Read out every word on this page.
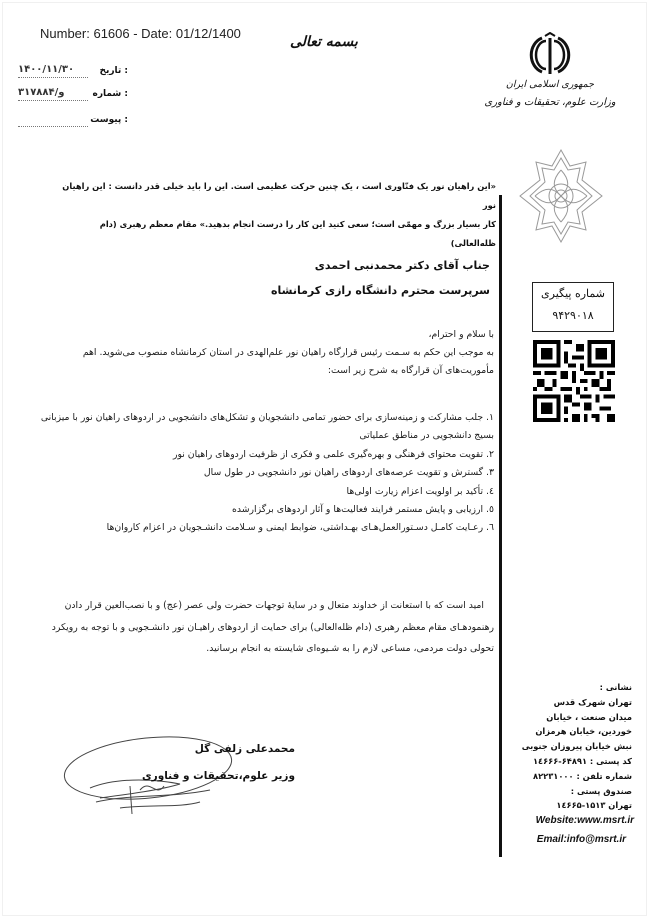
Number: 61606 - Date: 01/12/1400
بسمه تعالی
تاریخ :
۱۴۰۰/۱۱/۳۰
شماره :
۳۱۷۸۸۴/و
پیوست :
جمهوری اسلامی ایران
وزارت علوم، تحقیقات و فناوری
«این راهیان نور یک فنّاوری است ، یک چنین حرکت عظیمی است. این را باید خیلی قدر دانست : این راهیان نور
کار بسیار بزرگ و مهمّی است؛ سعی کنید این کار را درست انجام بدهید.» مقام معظم رهبری (دام ظله‌العالی)
جناب آقای دکتر محمدنبی احمدی
سرپرست محترم دانشگاه رازی کرمانشاه	شماره پیگیری
۹۴۲۹۰۱۸
با سلام و احترام،
به موجب این حکم به سـمت رئیس قرارگاه راهیان نور علم‌الهدی در استان کرمانشاه منصوب می‌شوید. اهم مأموریت‌های آن قرارگاه به شرح زیر است:
۱. جلب مشارکت و زمینه‌سازی برای حضور تمامی دانشجویان و تشکل‌های دانشجویی در اردوهای راهیان نور با میزبانی بسیج دانشجویی در مناطق عملیاتی
۲. تقویت محتوای فرهنگی و بهره‌گیری علمی و فکری از ظرفیت اردوهای راهیان نور
۳. گسترش و تقویت عرصه‌های اردوهای راهیان نور دانشجویی در طول سال
٤. تأکید بر اولویت اعزام زیارت اولی‌ها
٥. ارزیابی و پایش مستمر فرایند فعالیت‌ها و آثار اردوهای برگزارشده
٦. رعـایت کامـل دسـتورالعمل‌هـای بهـداشتی، ضوابط ایمنی و سـلامت دانشـجویان در اعزام کاروان‌ها
امید است که با استعانت از خداوند متعال و در سایۀ توجهات حضرت ولی عصر (عج) و با نصب‌العین قرار دادن رهنمودهـای مقام معظم رهبری (دام ظله‌العالی) برای حمایت از اردوهای راهیـان نور دانشـجویی و با توجه به رویکرد تحولی دولت مردمی، مساعی لازم را به شـیوه‌ای شایسته به انجام برسانید.
محمدعلی زلفی گل
وزیر علوم،تحقیقات و فناوری
نشانی :
تهران شهرک قدس
میدان صنعت ، خیابان
خوردین، خیابان هرمزان
نبش خیابان پیروزان جنوبی
کد پستی : ۶۴۸۹۱-۱٤۶۶۶
شماره تلفن : ۸۲۲۳۱۰۰۰
صندوق پستی :
تهران ۱۵۱۳-۱٤۶۶۵
Website:www.msrt.ir
Email:info@msrt.ir
